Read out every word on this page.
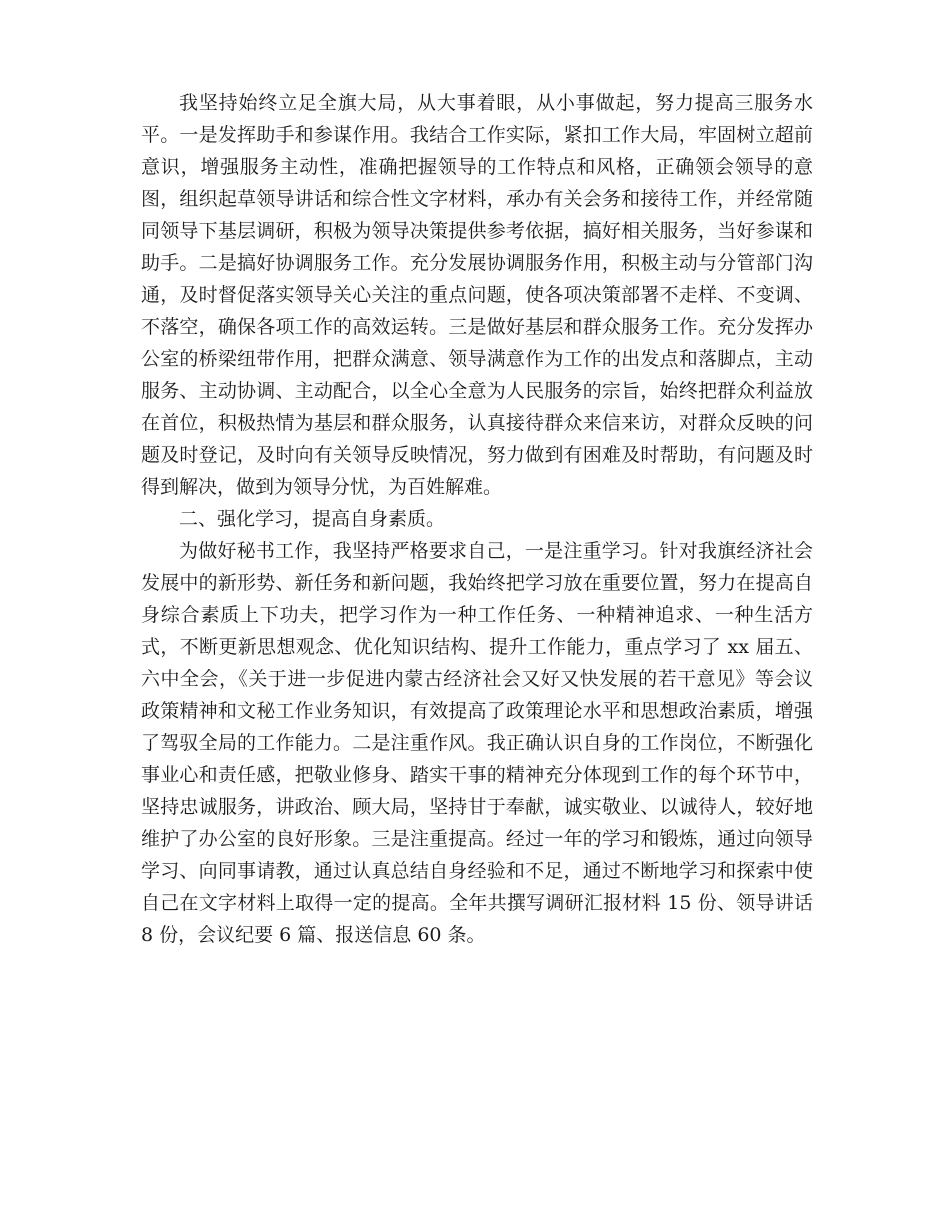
我坚持始终立足全旗大局，从大事着眼，从小事做起，努力提高三服务水平。一是发挥助手和参谋作用。我结合工作实际，紧扣工作大局，牢固树立超前意识，增强服务主动性，准确把握领导的工作特点和风格，正确领会领导的意图，组织起草领导讲话和综合性文字材料，承办有关会务和接待工作，并经常随同领导下基层调研，积极为领导决策提供参考依据，搞好相关服务，当好参谋和助手。二是搞好协调服务工作。充分发展协调服务作用，积极主动与分管部门沟通，及时督促落实领导关心关注的重点问题，使各项决策部署不走样、不变调、不落空，确保各项工作的高效运转。三是做好基层和群众服务工作。充分发挥办公室的桥梁纽带作用，把群众满意、领导满意作为工作的出发点和落脚点，主动服务、主动协调、主动配合，以全心全意为人民服务的宗旨，始终把群众利益放在首位，积极热情为基层和群众服务，认真接待群众来信来访，对群众反映的问题及时登记，及时向有关领导反映情况，努力做到有困难及时帮助，有问题及时得到解决，做到为领导分忧，为百姓解难。

二、强化学习，提高自身素质。

为做好秘书工作，我坚持严格要求自己，一是注重学习。针对我旗经济社会发展中的新形势、新任务和新问题，我始终把学习放在重要位置，努力在提高自身综合素质上下功夫，把学习作为一种工作任务、一种精神追求、一种生活方式，不断更新思想观念、优化知识结构、提升工作能力，重点学习了 xx 届五、六中全会，《关于进一步促进内蒙古经济社会又好又快发展的若干意见》等会议政策精神和文秘工作业务知识，有效提高了政策理论水平和思想政治素质，增强了驾驭全局的工作能力。二是注重作风。我正确认识自身的工作岗位，不断强化事业心和责任感，把敬业修身、踏实干事的精神充分体现到工作的每个环节中，坚持忠诚服务，讲政治、顾大局，坚持甘于奉献，诚实敬业、以诚待人，较好地维护了办公室的良好形象。三是注重提高。经过一年的学习和锻炼，通过向领导学习、向同事请教，通过认真总结自身经验和不足，通过不断地学习和探索中使自己在文字材料上取得一定的提高。全年共撰写调研汇报材料 15 份、领导讲话 8 份，会议纪要 6 篇、报送信息 60 条。
